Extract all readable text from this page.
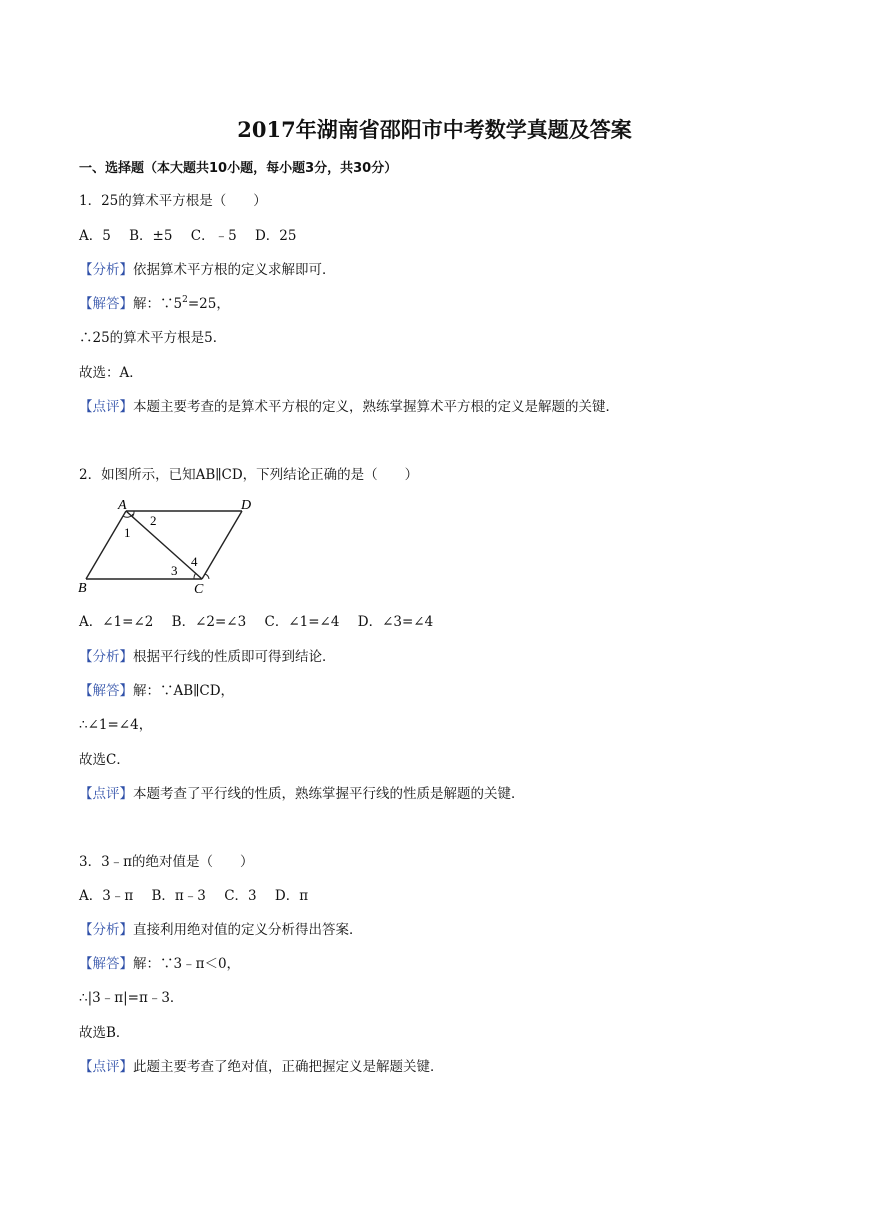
2017年湖南省邵阳市中考数学真题及答案
一、选择题（本大题共10小题，每小题3分，共30分）
1．25的算术平方根是（　　）
A．5 B．±5 C．﹣5 D．25
【分析】依据算术平方根的定义求解即可．
【解答】解：$\because 5^2=25$，
∴25的算术平方根是5．
故选：A．
【点评】本题主要考查的是算术平方根的定义，熟练掌握算术平方根的定义是解题的关键．
2．如图所示，已知AB∥CD，下列结论正确的是（　　）
A	D
B	C
1
2
3
4
A．∠1=∠2 B．∠2=∠3 C．∠1=∠4 D．∠3=∠4
【分析】根据平行线的性质即可得到结论．
【解答】解：∵AB∥CD，
∴∠1=∠4，
故选C．
【点评】本题考查了平行线的性质，熟练掌握平行线的性质是解题的关键．
3．3﹣π的绝对值是（　　）
A．3﹣π B．π﹣3 C．3 D．π
【分析】直接利用绝对值的定义分析得出答案．
【解答】解：∵3﹣π＜0，
∴|3﹣π|=π﹣3．
故选B．
【点评】此题主要考查了绝对值，正确把握定义是解题关键．
